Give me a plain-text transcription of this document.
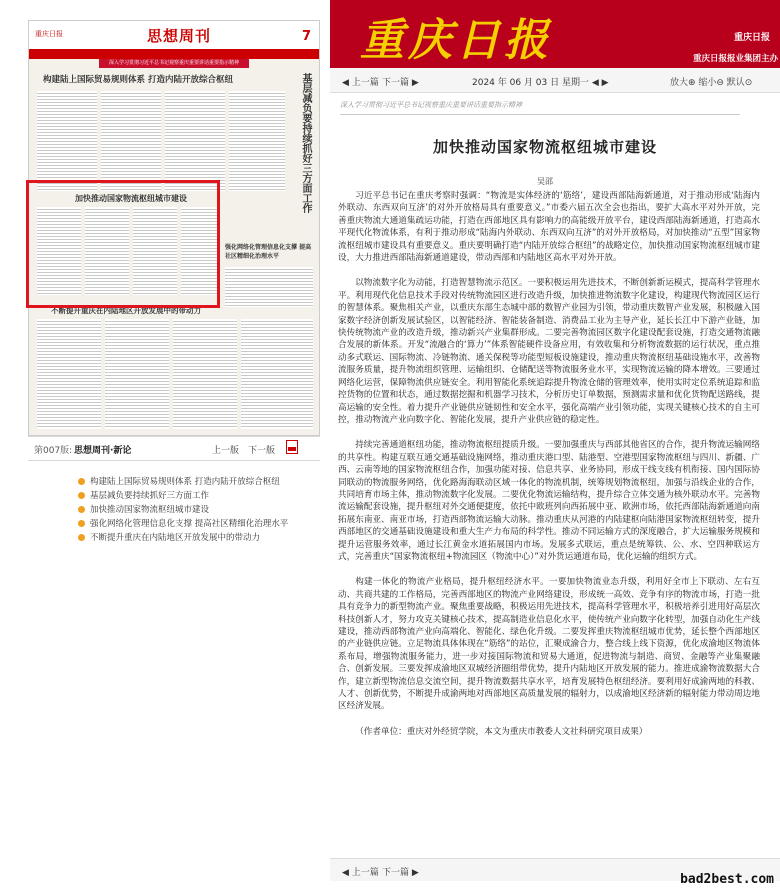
重庆日报	思想周刊	7
深入学习贯彻习近平总书记视察重庆重要讲话重要指示精神
构建陆上国际贸易规则体系 打造内陆开放综合枢纽	基层减负要持续抓好三方面工作
加快推动国家物流枢纽城市建设
强化网络化管理信息化支撑 提高社区精细化治理水平
不断提升重庆在内陆地区开放发展中的带动力
第007版: 思想周刊·新论	上一版 下一版
构建陆上国际贸易规则体系 打造内陆开放综合枢纽
基层减负要持续抓好三方面工作
加快推动国家物流枢纽城市建设
强化网络化管理信息化支撑 提高社区精细化治理水平
不断提升重庆在内陆地区开放发展中的带动力
重庆日报	重庆日报
重庆日报报业集团主办
◀ 上一篇 下一篇 ▶	2024 年 06 月 03 日 星期一 ◀ ▶	放大⊕ 缩小⊖ 默认⊙
深入学习贯彻习近平总书记视察重庆重要讲话重要指示精神
加快推动国家物流枢纽城市建设
吴邵

习近平总书记在重庆考察时强调：“物流是实体经济的‘筋络’，建设西部陆海新通道，对于推动形成‘陆海内外联动、东西双向互济’的对外开放格局具有重要意义。”市委六届五次全会也指出，要扩大高水平对外开放，完善重庆物流大通道集疏运功能，打造在西部地区具有影响力的高能级开放平台，建设西部陆海新通道，打造高水平现代化物流体系，有利于推动形成“陆海内外联动、东西双向互济”的对外开放格局，对加快推动“五型”国家物流枢纽城市建设具有重要意义。重庆要明确打造“内陆开放综合枢纽”的战略定位，加快推动国家物流枢纽城市建设，大力推进西部陆海新通道建设，带动西部和内陆地区高水平对外开放。

以物流数字化为动能，打造智慧物流示范区。一要积极运用先进技术，不断创新新运模式，提高科学管理水平。利用现代化信息技术手段对传统物流园区进行改造升级，加快推进物流数字化建设，构建现代物流园区运行的智慧体系。聚焦相关产业，以重庆东部生态城中部的数智产业园为引领，带动重庆数智产业发展，积极融入国家数字经济创新发展试验区，以智能经济、智能装备制造、消费品工业为主导产业，延长长江中下游产业链，加快传统物流产业的改造升级，推动新兴产业集群形成。二要完善物流园区数字化建设配套设施，打造交通物流融合发展的新体系。开发“流融合的‘算力’”体系智能硬件设备应用，有效收集和分析物流数据的运行状况，重点推动多式联运、国际物流、冷链物流、通关保税等功能型短板设施建设，推动重庆物流枢纽基础设施水平，改善物流服务质量，提升物流组织管理、运输组织、仓储配送等物流服务业水平，实现物流运输的降本增效。三要通过网络化运营，保障物流供应链安全。利用智能化系统追踪提升物流仓储的管理效率，使用实时定位系统追踪和监控货物的位置和状态，通过数据挖掘和机器学习技术，分析历史订单数据，预测需求量和优化货物配送路线，提高运输的安全性。着力提升产业链供应链韧性和安全水平，强化高端产业引领功能，实现关键核心技术的自主可控，推动物流产业向数字化、智能化发展，提升产业供应链的稳定性。

持续完善通道枢纽功能，推动物流枢纽提质升级。一要加强重庆与西部其他省区的合作，提升物流运输网络的共享性。构建互联互通交通基础设施网络，推动重庆港口型、陆港型、空港型国家物流枢纽与四川、新疆、广西、云南等地的国家物流枢纽合作，加强功能对接、信息共享、业务协同，形成干线支线有机衔接、国内国际协同联动的物流服务网络，优化路海海联动区域一体化的物流机制，统筹规划物流枢纽，加强与沿线企业的合作，共同培育市场主体，推动物流数字化发展。二要优化物流运输结构，提升综合立体交通为核外联动水平。完善物流运输配套设施，提升枢纽对外交通便捷度，依托中欧班列向西拓展中亚、欧洲市场，依托西部陆海新通道向南拓展东南亚、南亚市场，打造西部物流运输大动脉。推动重庆从河港的内陆建枢向陆港国家物流枢纽转变，提升西部地区的交通基础设施建设和重大生产力布局的科学性。推动不同运输方式的深度融合，扩大运输服务规模和提升运营服务效率，通过长江黄金水道拓展国内市场。发展多式联运，重点是统筹铁、公、水、空四种联运方式，完善重庆“国家物流枢纽+物流园区（物流中心）”对外货运通道布局，优化运输的组织方式。

构建一体化的物流产业格局，提升枢纽经济水平。一要加快物流业态升级，利用好全市上下联动、左右互动、共商共建的工作格局，完善西部地区的物流产业网络建设，形成统一高效、竞争有序的物流市场，打造一批具有竞争力的新型物流产业。聚焦重要战略，积极运用先进技术，提高科学管理水平，积极培养引进用好高层次科技创新人才，努力攻克关键核心技术，提高制造业信息化水平，使传统产业向数字化转型，加强自动化生产线建设，推动西部物流产业向高端化、智能化、绿色化升级。二要发挥重庆物流枢纽城市优势，延长整个西部地区的产业链供应链。立足物流具体体现在“筋络”的站位，汇聚成渝合力，整合线上线下资源，优化成渝地区物流体系布局，增强物流服务能力，进一步对接国际物流和贸易大通道，促进物流与制造、商贸、金融等产业集聚融合、创新发展。三要发挥成渝地区双城经济圈组带优势，提升内陆地区开放发展的能力。推进成渝物流数据大合作，建立新型物流信息交流空间，提升物流数据共享水平，培育发展特色枢纽经济。要利用好成渝两地的科教、人才、创新优势，不断提升成渝两地对西部地区高质量发展的辐射力，以成渝地区经济新的辐射能力带动周边地区经济发展。

（作者单位：重庆对外经贸学院，本文为重庆市教委人文社科研究项目成果）

◀ 上一篇 下一篇 ▶	bad2best.com
